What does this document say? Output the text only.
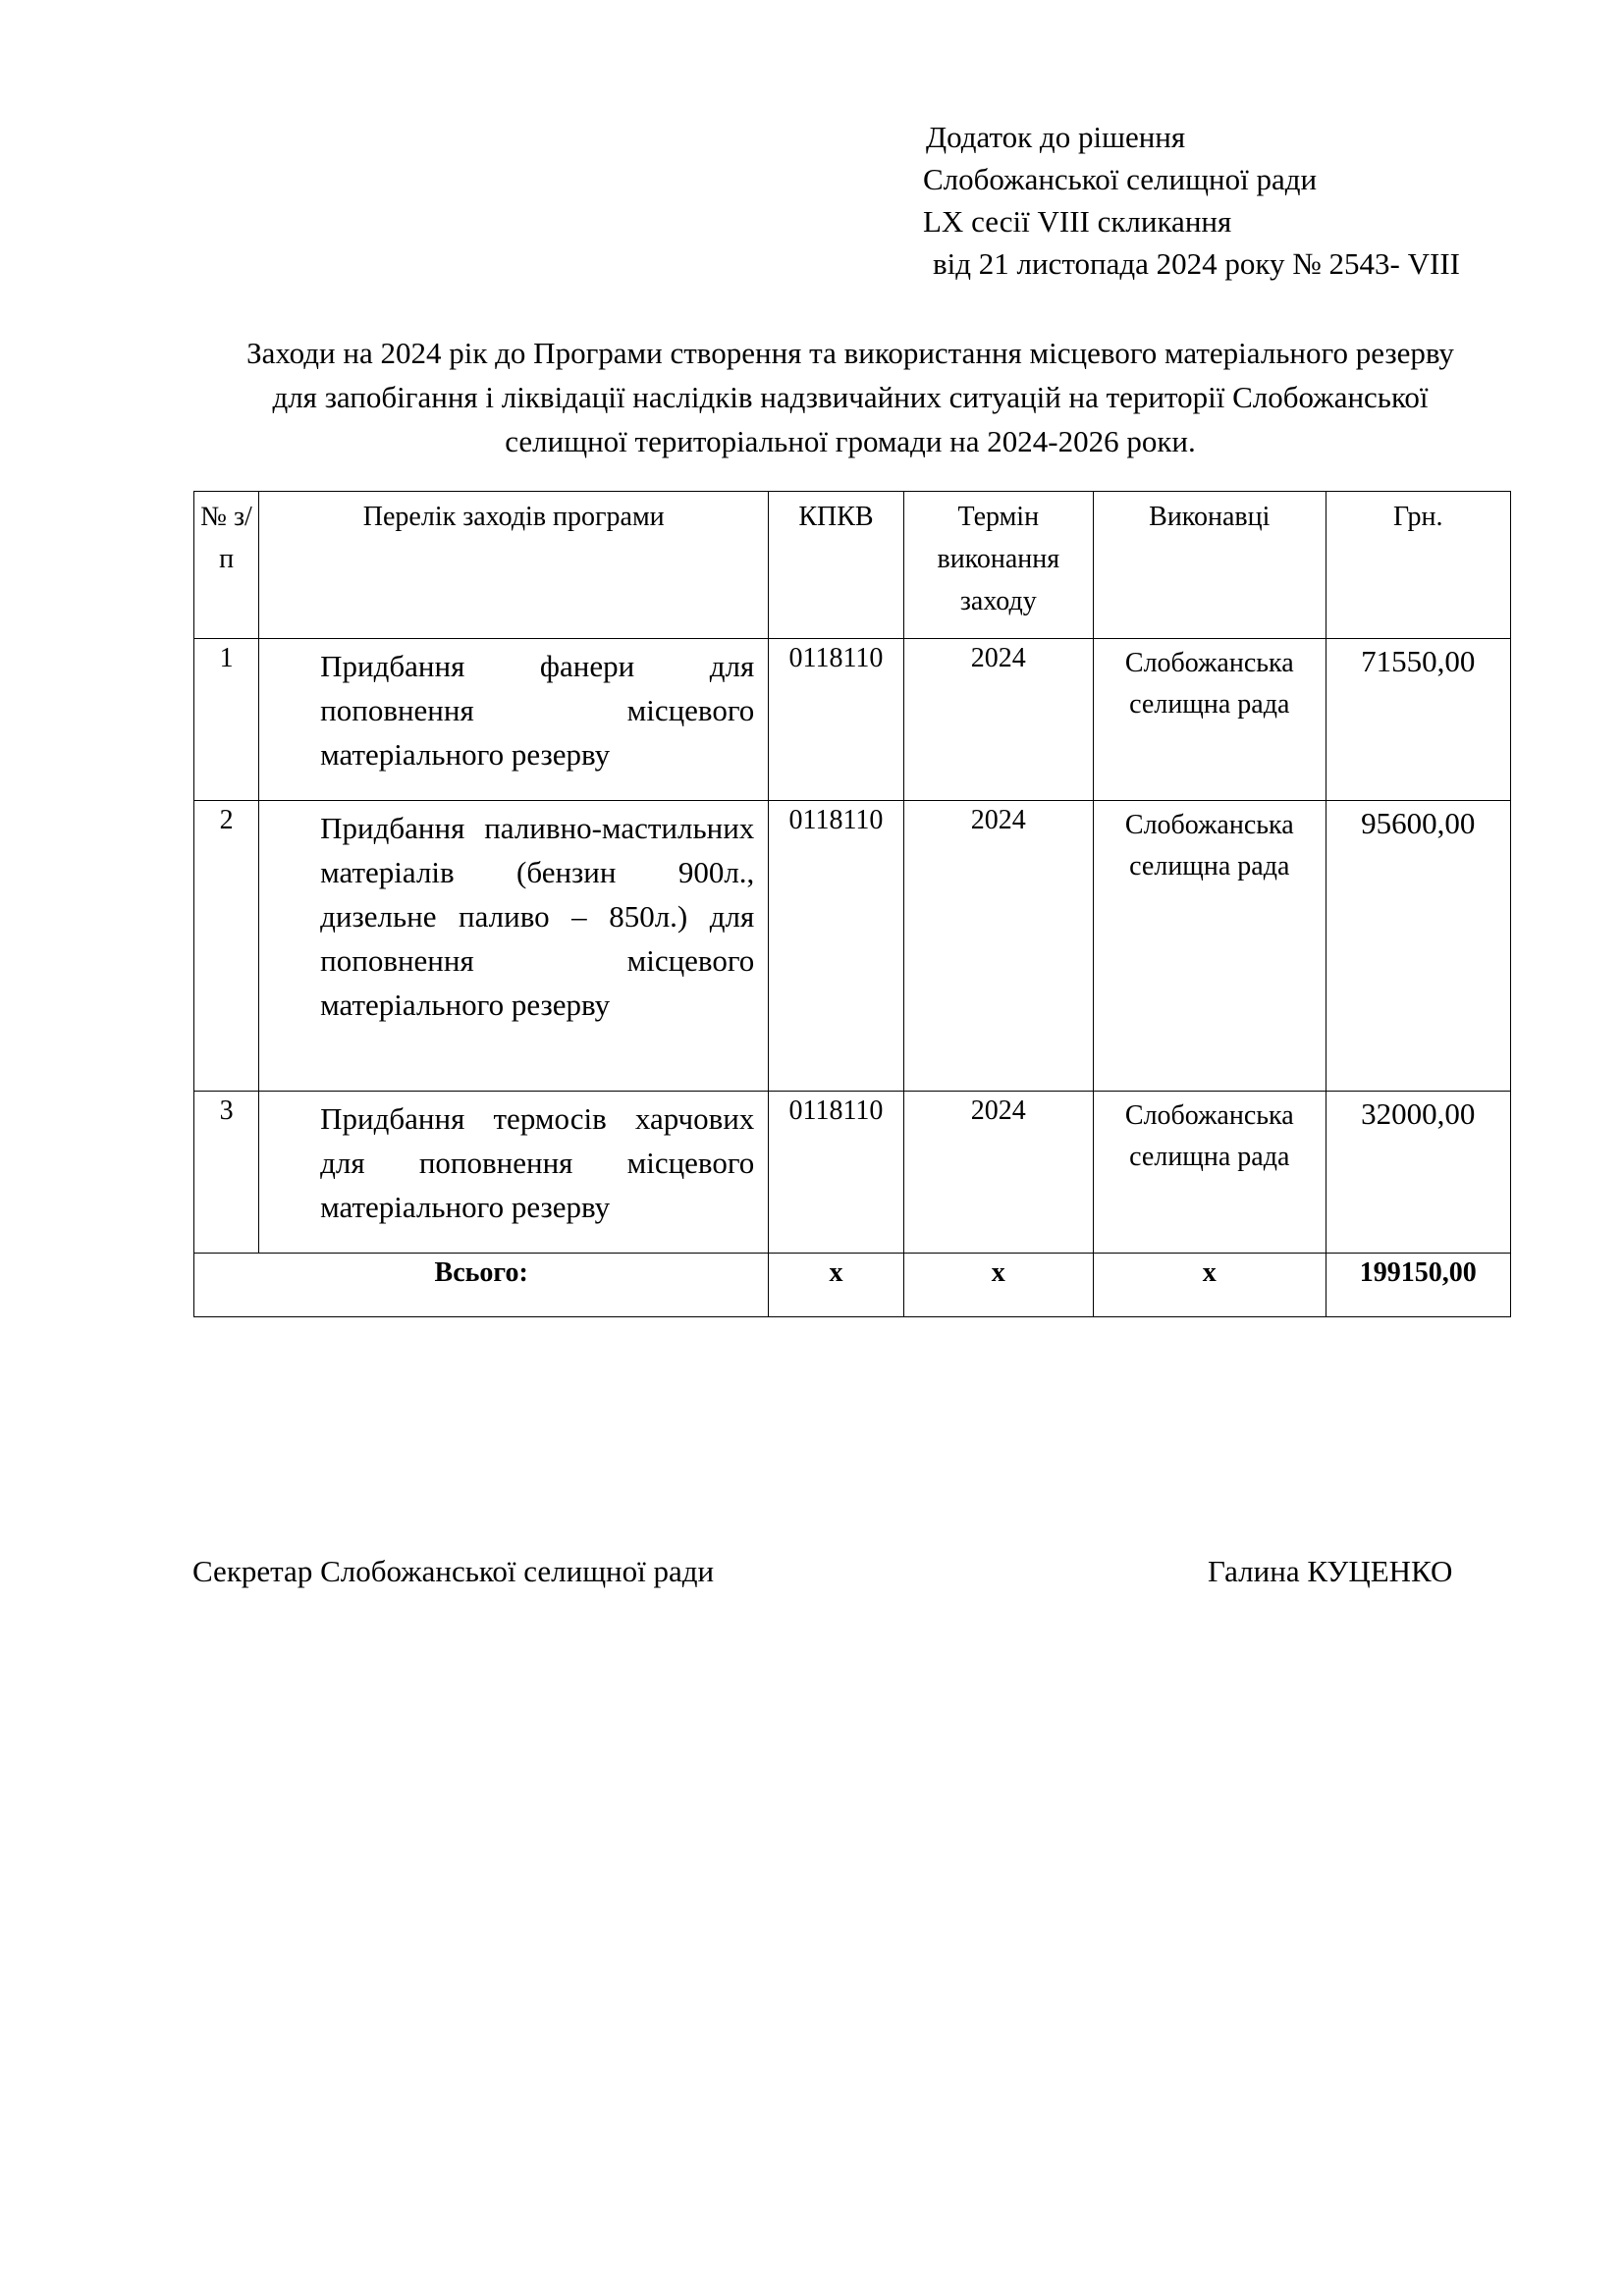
Додаток до рішення
Слобожанської селищної ради
LX сесії VIII скликання
від 21 листопада 2024 року № 2543- VIII
Заходи на 2024 рік до Програми створення та використання місцевого матеріального резерву
для запобігання і ліквідації наслідків надзвичайних ситуацій на території Слобожанської
селищної територіальної громади на 2024-2026 роки.
№ з/п	Перелік заходів програми	КПКВ	Термін виконання заходу	Виконавці	Грн.
1	Придбання фанери для поповнення місцевого матеріального резерву	0118110	2024	Слобожанська селищна рада	71550,00
2	Придбання паливно-мастильних матеріалів (бензин 900л., дизельне паливо – 850л.) для поповнення місцевого матеріального резерву	0118110	2024	Слобожанська селищна рада	95600,00
3	Придбання термосів харчових для поповнення місцевого матеріального резерву	0118110	2024	Слобожанська селищна рада	32000,00
Всього:		х	х	х	199150,00
Секретар Слобожанської селищної ради	Галина КУЦЕНКО
